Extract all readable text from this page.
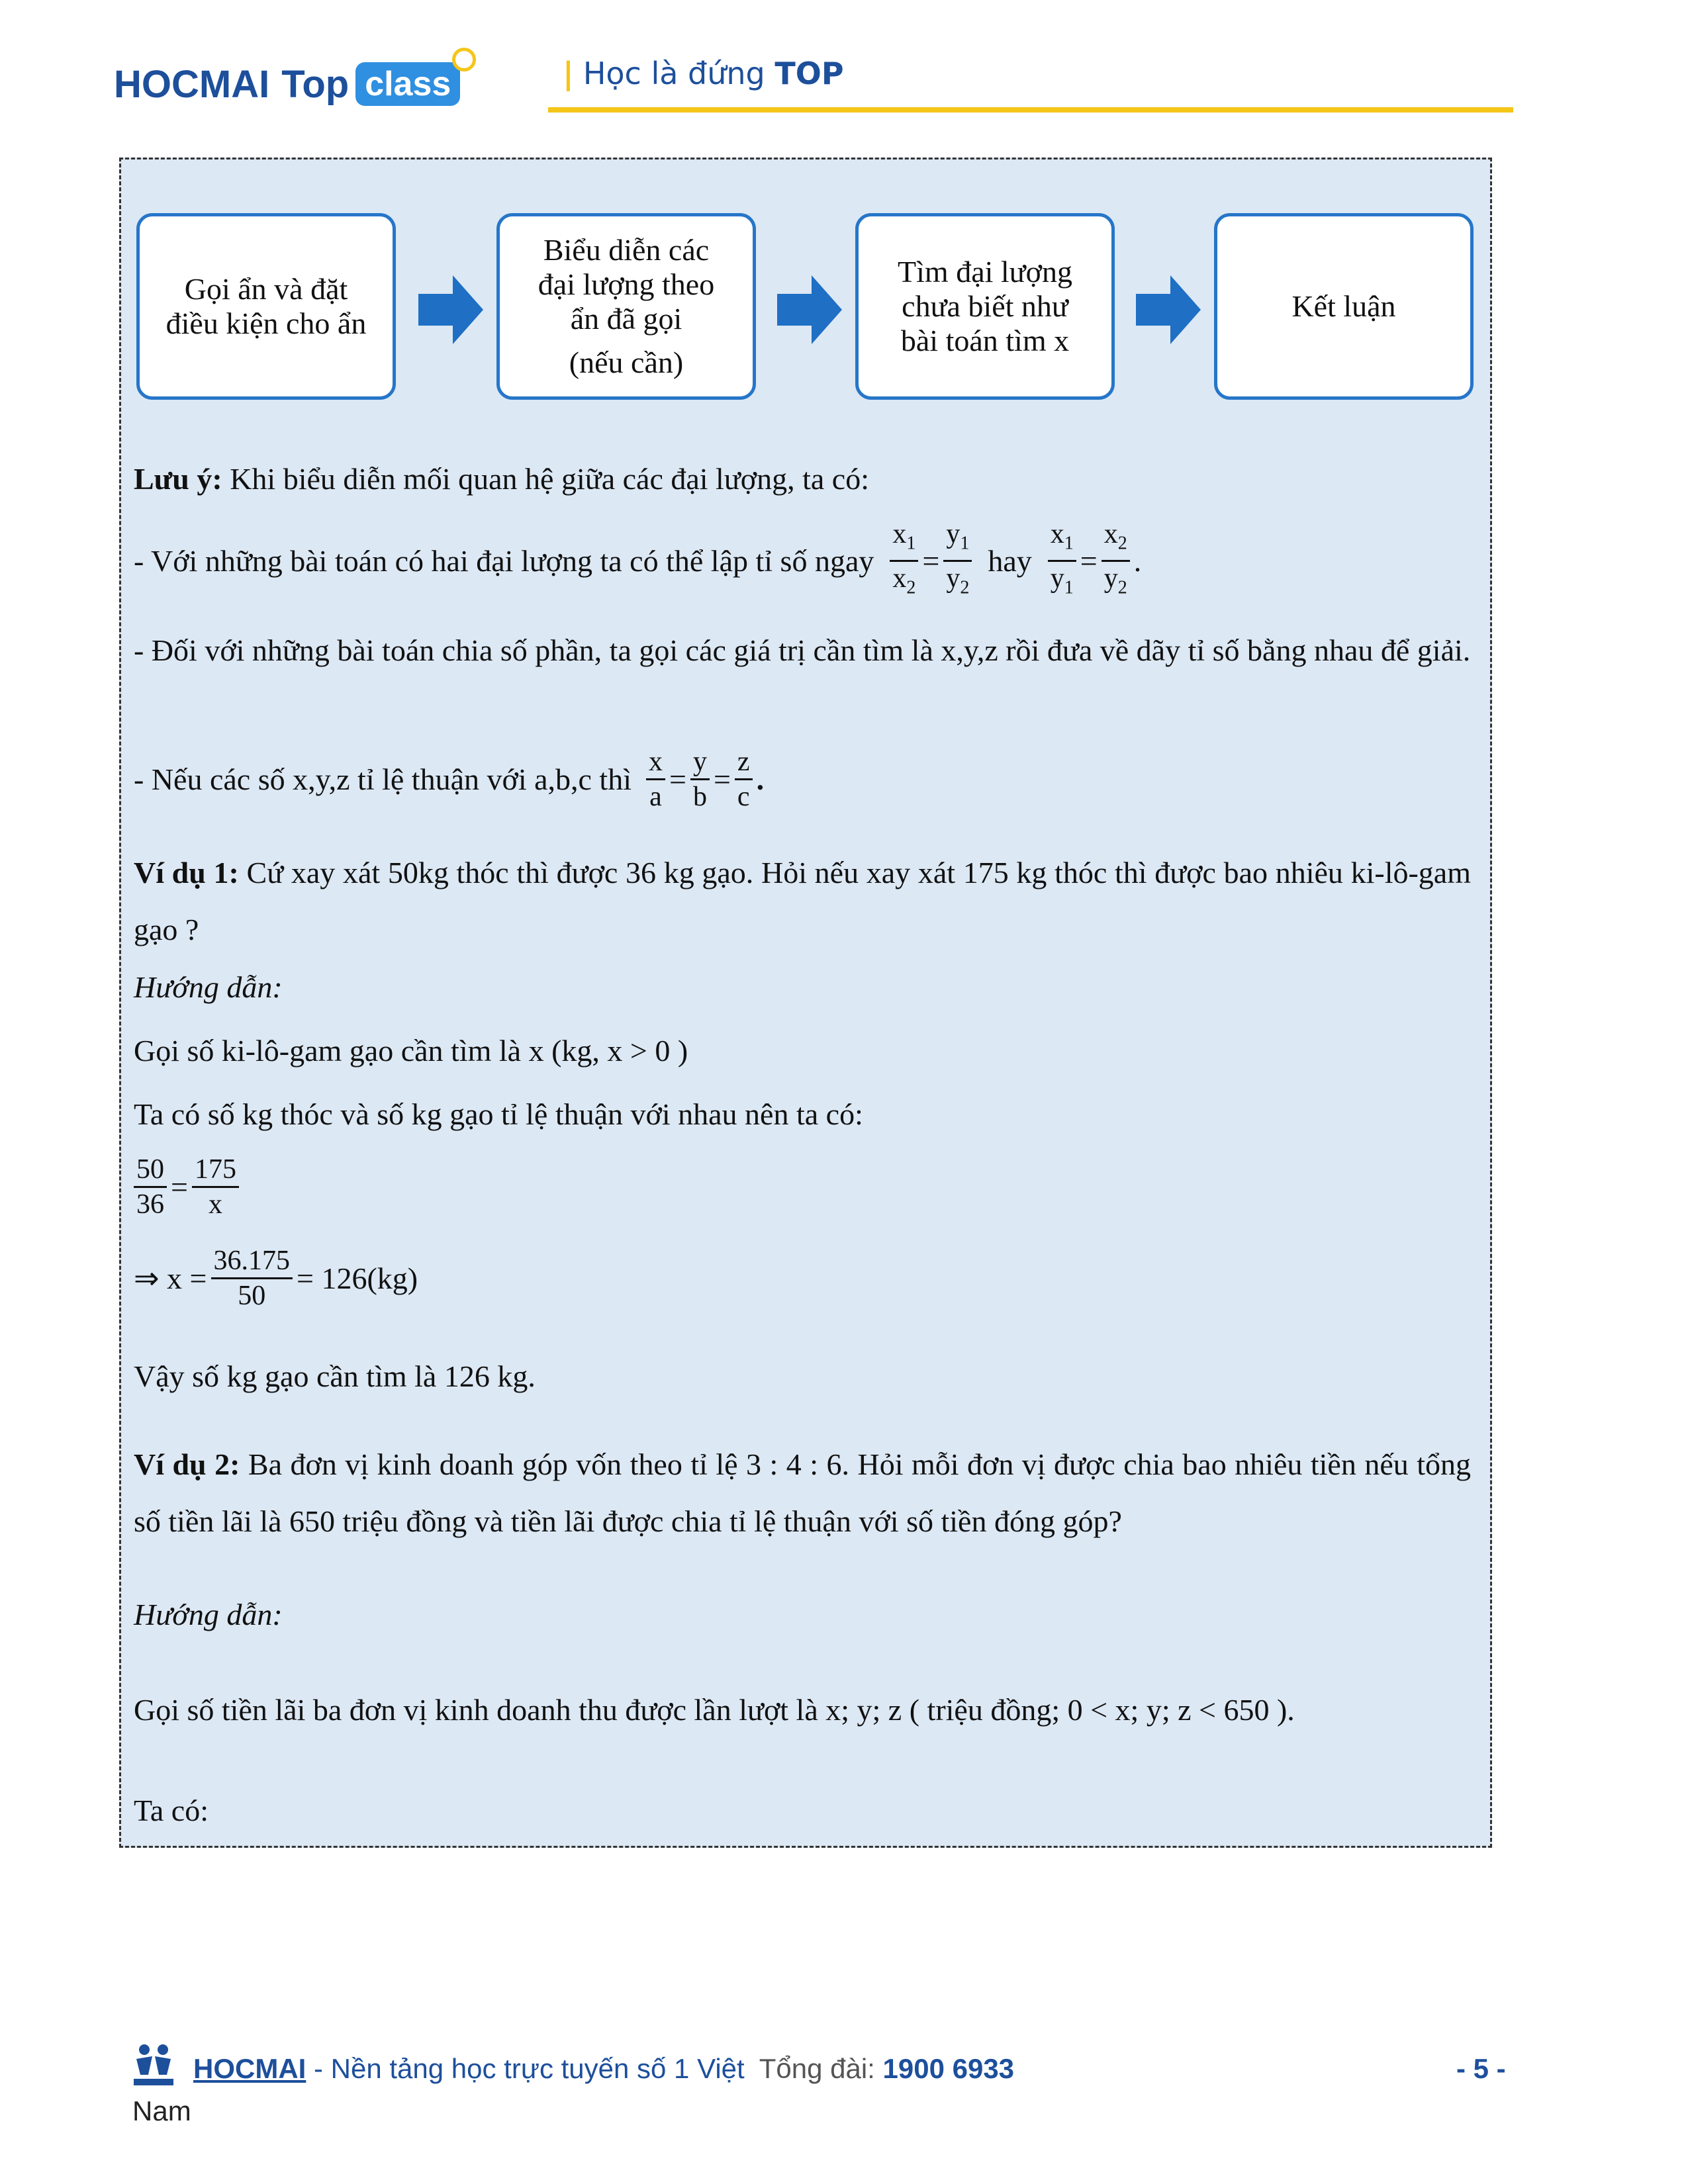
HOCMAI Top class	| Học là đứng TOP
Gọi ẩn và đặt
điều kiện cho ẩn
Biểu diễn các
đại lượng theo
ẩn đã gọi
(nếu cần)
Tìm đại lượng
chưa biết như
bài toán tìm x
Kết luận
Lưu ý: Khi biểu diễn mối quan hệ giữa các đại lượng, ta có:
- Với những bài toán có hai đại lượng ta có thể lập tỉ số ngay $\frac{x_1}{x_2} = \frac{y_1}{y_2}$ hay $\frac{x_1}{y_1} = \frac{x_2}{y_2}$ .
- Đối với những bài toán chia số phần, ta gọi các giá trị cần tìm là x,y,z rồi đưa về dãy tỉ số bằng nhau để giải.
- Nếu các số x,y,z tỉ lệ thuận với a,b,c thì $\frac{x}{a} = \frac{y}{b} = \frac{z}{c}$ .
Ví dụ 1: Cứ xay xát 50kg thóc thì được 36 kg gạo. Hỏi nếu xay xát 175 kg thóc thì được bao nhiêu ki-lô-gam gạo ?
Hướng dẫn:
Gọi số ki-lô-gam gạo cần tìm là x (kg, x > 0 )
Ta có số kg thóc và số kg gạo tỉ lệ thuận với nhau nên ta có:
$\frac{50}{36} = \frac{175}{x}$
⇒ $x = \frac{36.175}{50} = 126(kg)$
Vậy số kg gạo cần tìm là 126 kg.
Ví dụ 2: Ba đơn vị kinh doanh góp vốn theo tỉ lệ 3 : 4 : 6. Hỏi mỗi đơn vị được chia bao nhiêu tiền nếu tổng số tiền lãi là 650 triệu đồng và tiền lãi được chia tỉ lệ thuận với số tiền đóng góp?
Hướng dẫn:
Gọi số tiền lãi ba đơn vị kinh doanh thu được lần lượt là x; y; z ( triệu đồng; 0 < x; y; z < 650 ).
Ta có:
HOCMAI - Nền tảng học trực tuyến số 1 Việt Tổng đài: 1900 6933
Nam
- 5 -
